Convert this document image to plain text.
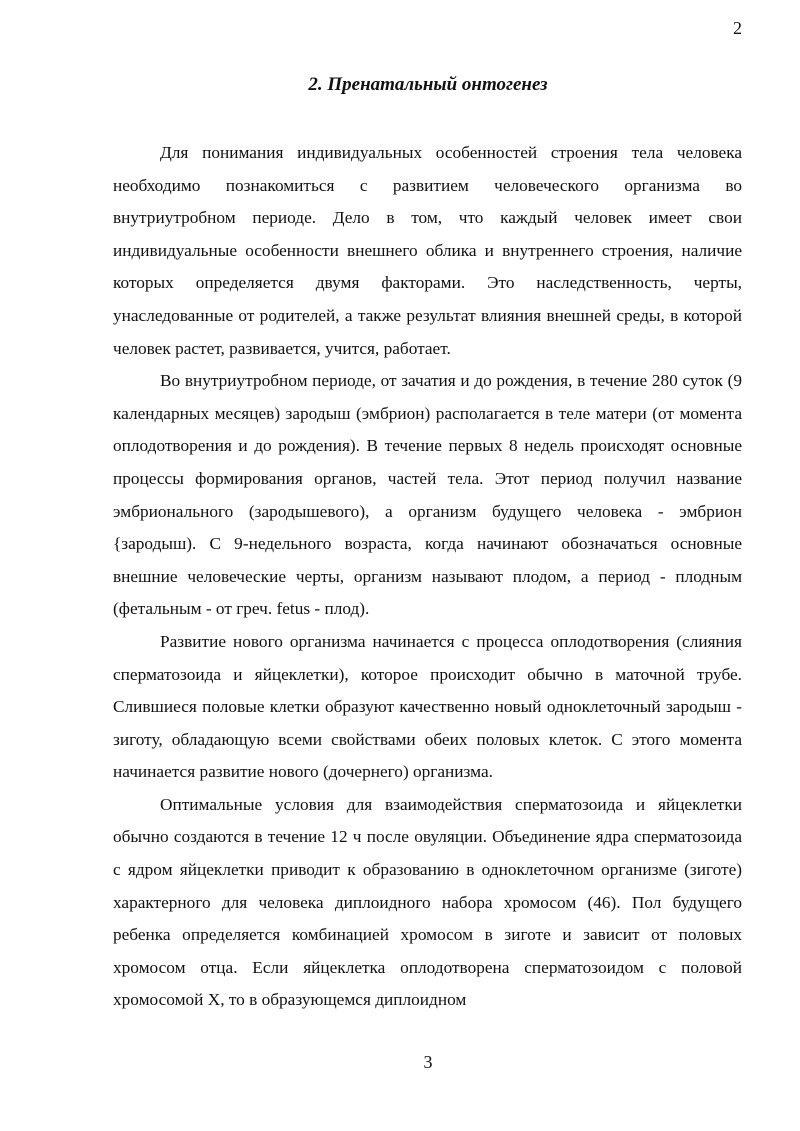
2
2. Пренатальный онтогенез

Для понимания индивидуальных особенностей строения тела человека необходимо познакомиться с развитием человеческого организма во внутриутробном периоде. Дело в том, что каждый человек имеет свои индивидуальные особенности внешнего облика и внутреннего строения, наличие которых определяется двумя факторами. Это наследственность, черты, унаследованные от родителей, а также результат влияния внешней среды, в которой человек растет, развивается, учится, работает.

Во внутриутробном периоде, от зачатия и до рождения, в течение 280 суток (9 календарных месяцев) зародыш (эмбрион) располагается в теле матери (от момента оплодотворения и до рождения). В течение первых 8 недель происходят основные процессы формирования органов, частей тела. Этот период получил название эмбрионального (зародышевого), а организм будущего человека - эмбрион {зародыш). С 9-недельного возраста, когда начинают обозначаться основные внешние человеческие черты, организм называют плодом, а период - плодным (фетальным - от греч. fetus - плод).

Развитие нового организма начинается с процесса оплодотворения (слияния сперматозоида и яйцеклетки), которое происходит обычно в маточной трубе. Слившиеся половые клетки образуют качественно новый одноклеточный зародыш - зиготу, обладающую всеми свойствами обеих половых клеток. С этого момента начинается развитие нового (дочернего) организма.

Оптимальные условия для взаимодействия сперматозоида и яйцеклетки обычно создаются в течение 12 ч после овуляции. Объединение ядра сперматозоида с ядром яйцеклетки приводит к образованию в одноклеточном организме (зиготе) характерного для человека диплоидного набора хромосом (46). Пол будущего ребенка определяется комбинацией хромосом в зиготе и зависит от половых хромосом отца. Если яйцеклетка оплодотворена сперматозоидом с половой хромосомой X, то в образующемся диплоидном

3
